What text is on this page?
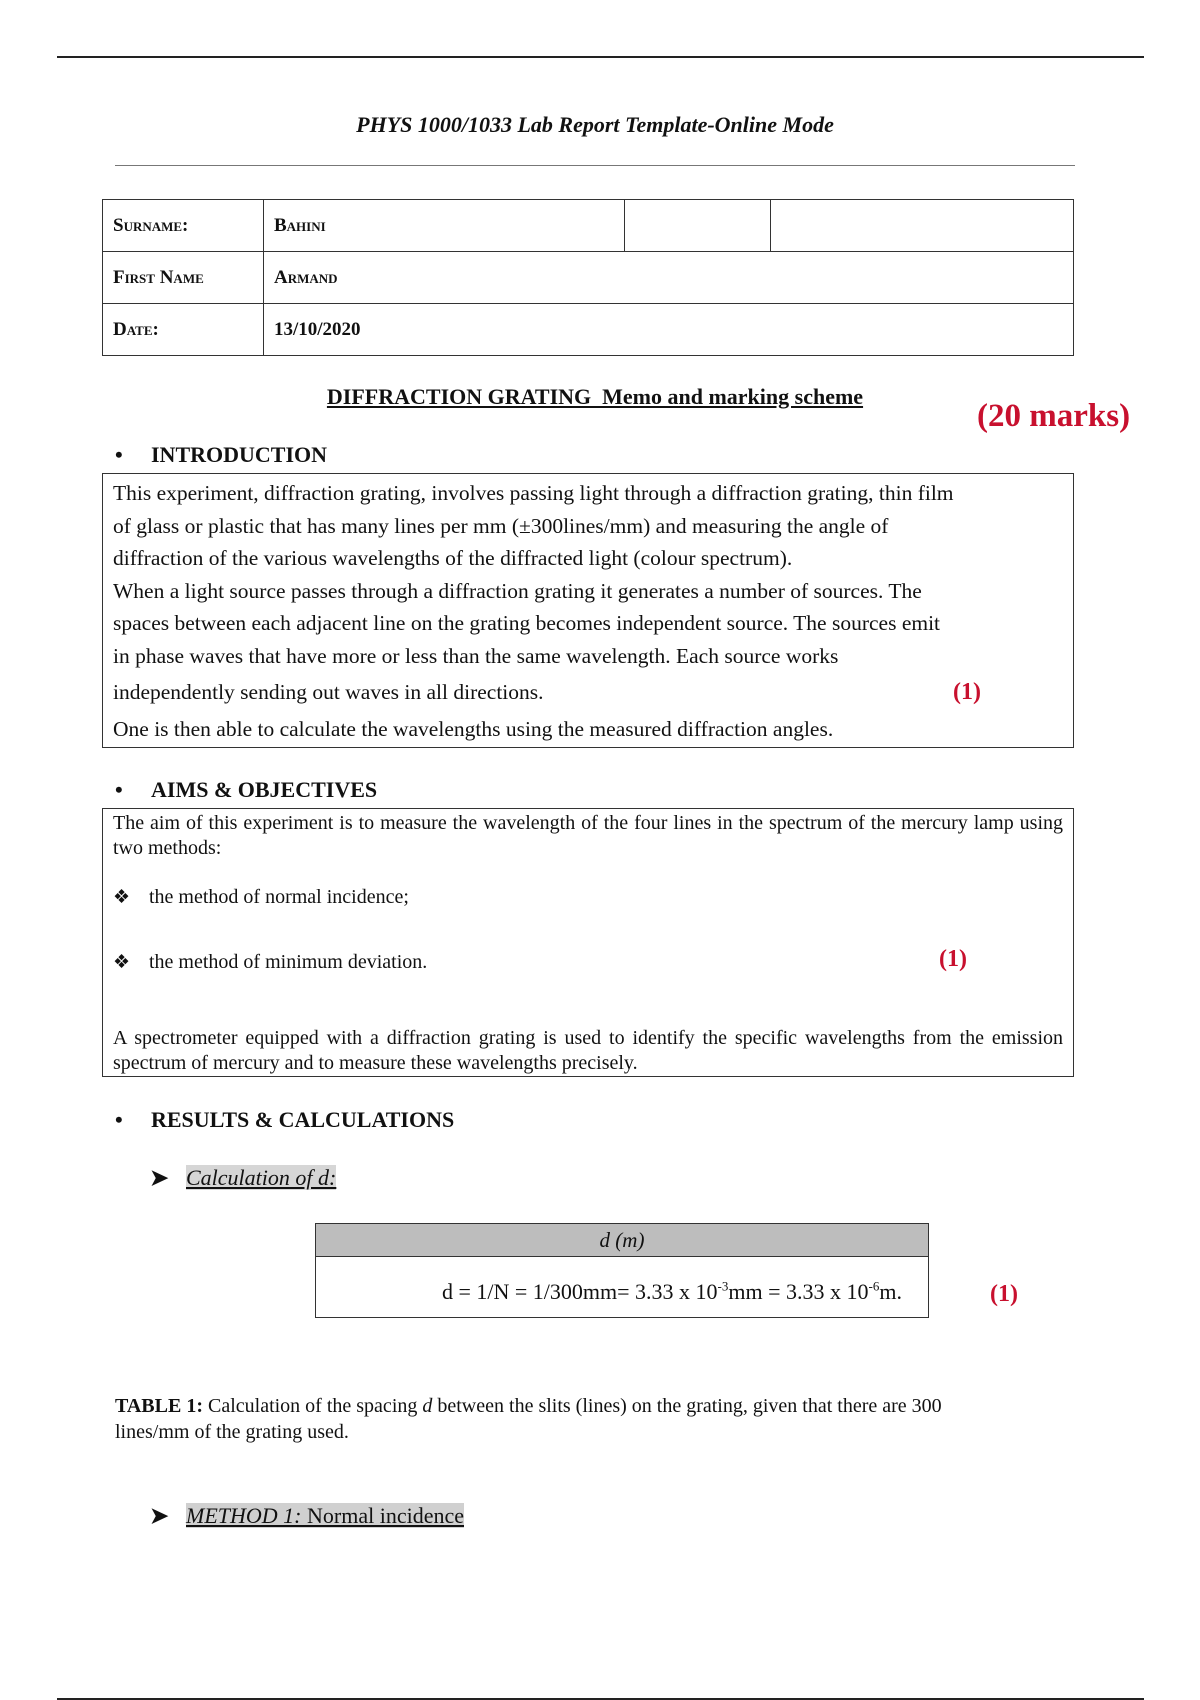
PHYS 1000/1033 Lab Report Template-Online Mode
Surname:	Bahini		
First Name	Armand		
Date:	13/10/2020		
DIFFRACTION GRATING  Memo and marking scheme
(20 marks)
• INTRODUCTION
This experiment, diffraction grating, involves passing light through a diffraction grating, thin film
of glass or plastic that has many lines per mm (±300lines/mm) and measuring the angle of
diffraction of the various wavelengths of the diffracted light (colour spectrum).
When a light source passes through a diffraction grating it generates a number of sources. The
spaces between each adjacent line on the grating becomes independent source. The sources emit
in phase waves that have more or less than the same wavelength. Each source works
independently sending out waves in all directions.	(1)
One is then able to calculate the wavelengths using the measured diffraction angles.
• AIMS & OBJECTIVES
The aim of this experiment is to measure the wavelength of the four lines in the spectrum of the mercury lamp using two methods:
❖ the method of normal incidence;
❖ the method of minimum deviation.	(1)
A spectrometer equipped with a diffraction grating is used to identify the specific wavelengths from the emission spectrum of mercury and to measure these wavelengths precisely.
• RESULTS & CALCULATIONS
➤ Calculation of d:
d (m)
d = 1/N = 1/300mm= 3.33 x $10^{-3}mm = 3.33$ x $10^{-6}m$.	(1)
TABLE 1: Calculation of the spacing d between the slits (lines) on the grating, given that there are 300 lines/mm of the grating used.
➤ METHOD 1: Normal incidence
